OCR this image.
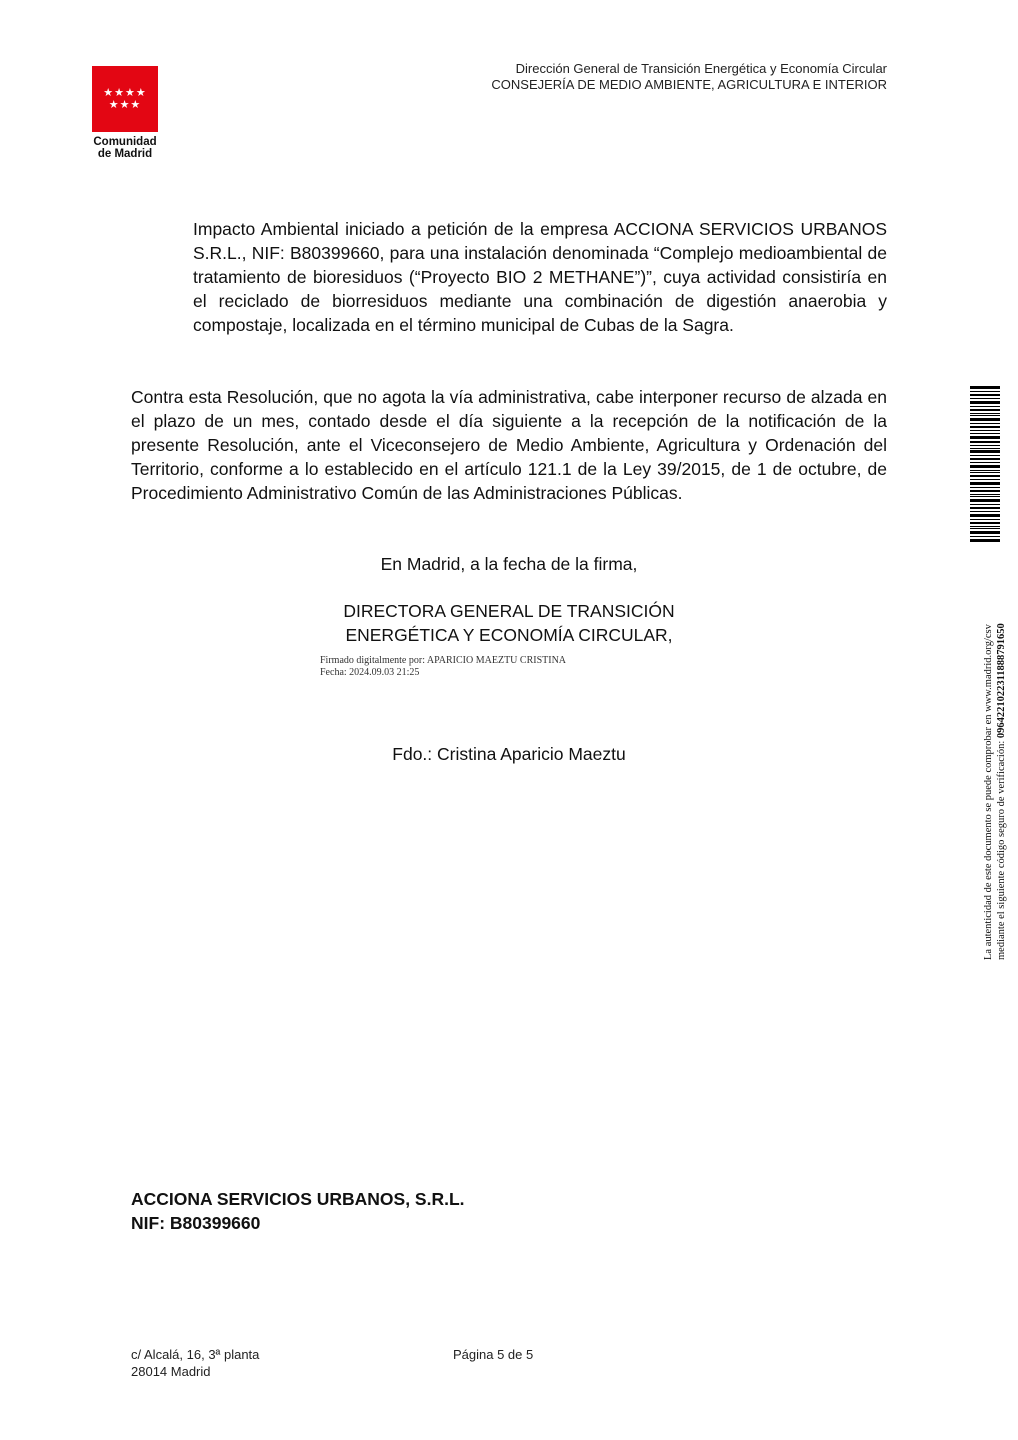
★★★★
★★★
Comunidad
de Madrid
Dirección General de Transición Energética y Economía Circular
CONSEJERÍA DE MEDIO AMBIENTE, AGRICULTURA E INTERIOR
Impacto Ambiental iniciado a petición de la empresa ACCIONA SERVICIOS URBANOS S.R.L., NIF: B80399660, para una instalación denominada “Complejo medioambiental de tratamiento de bioresiduos (“Proyecto BIO 2 METHANE”)”, cuya actividad consistiría en el reciclado de biorresiduos mediante una combinación de digestión anaerobia y compostaje, localizada en el término municipal de Cubas de la Sagra.
Contra esta Resolución, que no agota la vía administrativa, cabe interponer recurso de alzada en el plazo de un mes, contado desde el día siguiente a la recepción de la notificación de la presente Resolución, ante el Viceconsejero de Medio Ambiente, Agricultura y Ordenación del Territorio, conforme a lo establecido en el artículo 121.1 de la Ley 39/2015, de 1 de octubre, de Procedimiento Administrativo Común de las Administraciones Públicas.
En Madrid, a la fecha de la firma,
DIRECTORA GENERAL DE TRANSICIÓN
ENERGÉTICA Y ECONOMÍA CIRCULAR,
Firmado digitalmente por: APARICIO MAEZTU CRISTINA
Fecha: 2024.09.03 21:25
Fdo.: Cristina Aparicio Maeztu
ACCIONA SERVICIOS URBANOS, S.R.L.
NIF: B80399660
c/ Alcalá, 16, 3ª planta
28014 Madrid
Página 5 de 5
La autenticidad de este documento se puede comprobar en www.madrid.org/csv mediante el siguiente código seguro de verificación: 0964221022311888791650
